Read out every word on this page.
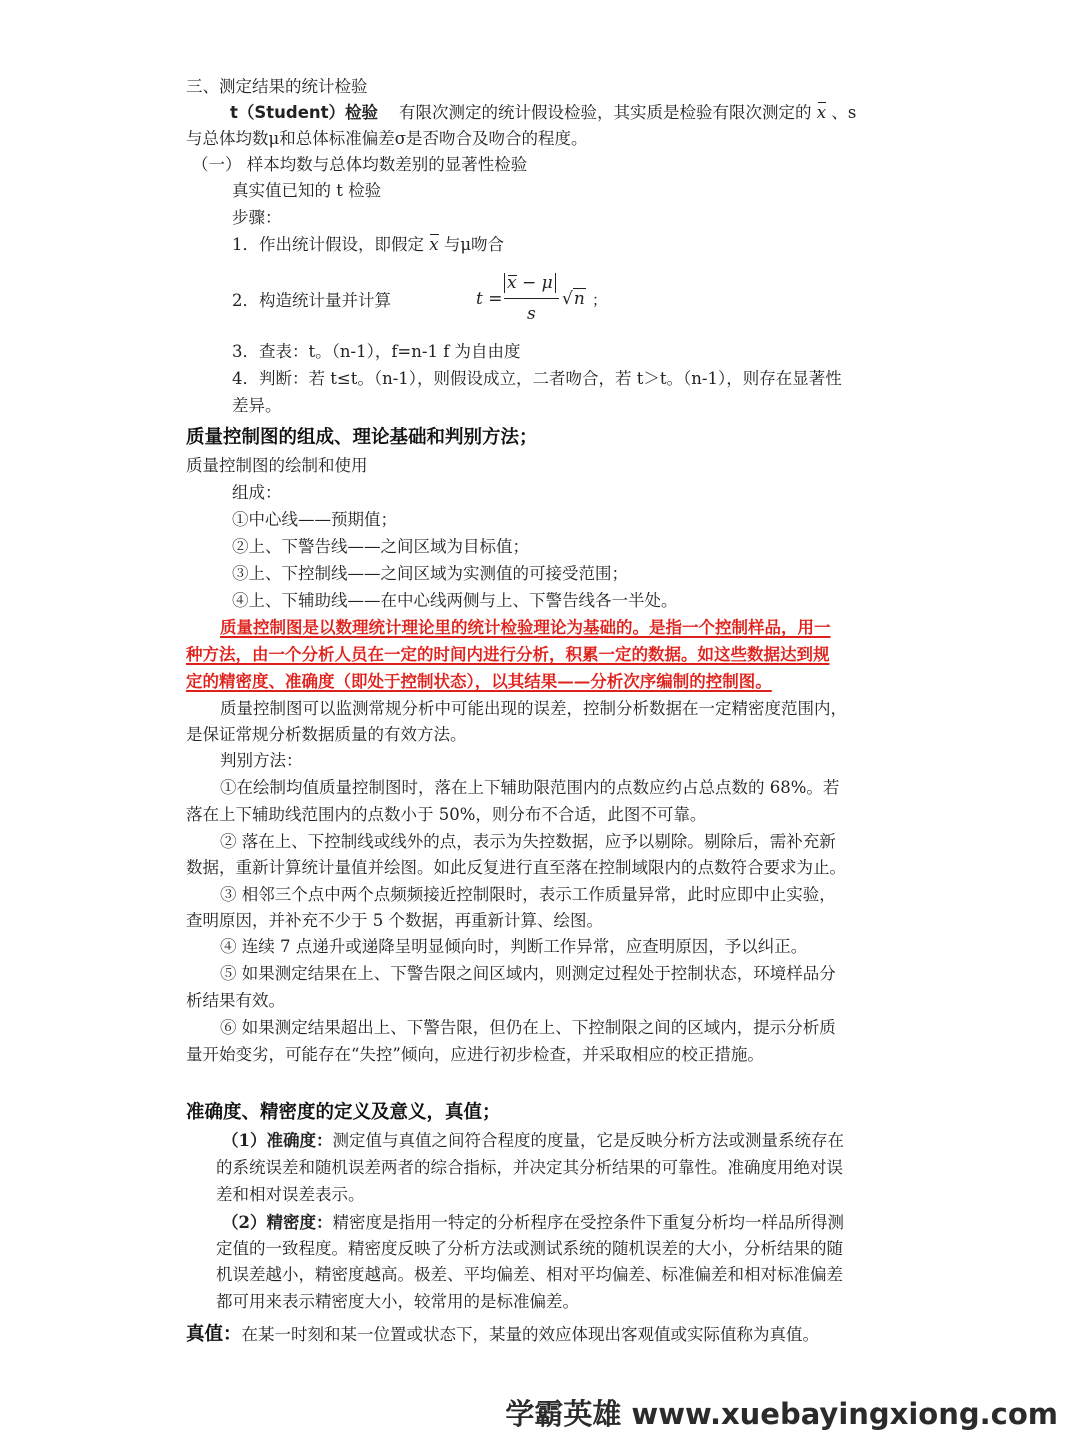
三、测定结果的统计检验
t（Student）检验 有限次测定的统计假设检验，其实质是检验有限次测定的 x 、s
与总体均数μ和总体标准偏差σ是否吻合及吻合的程度。
（一） 样本均数与总体均数差别的显著性检验
真实值已知的 t 检验
步骤：
1．作出统计假设，即假定 x 与μ吻合
2．构造统计量并计算	t =
x − μ
s
√n ；
3．查表：t。（n-1），f=n-1 f 为自由度
4．判断：若 t≤t。（n-1），则假设成立，二者吻合，若 t＞t。（n-1），则存在显著性
差异。
质量控制图的组成、理论基础和判别方法；
质量控制图的绘制和使用
组成：
①中心线——预期值；
②上、下警告线——之间区域为目标值；
③上、下控制线——之间区域为实测值的可接受范围；
④上、下辅助线——在中心线两侧与上、下警告线各一半处。
质量控制图是以数理统计理论里的统计检验理论为基础的。是指一个控制样品，用一
种方法，由一个分析人员在一定的时间内进行分析，积累一定的数据。如这些数据达到规
定的精密度、准确度（即处于控制状态），以其结果——分析次序编制的控制图。
质量控制图可以监测常规分析中可能出现的误差，控制分析数据在一定精密度范围内，
是保证常规分析数据质量的有效方法。
判别方法：
①在绘制均值质量控制图时，落在上下辅助限范围内的点数应约占总点数的 68%。若
落在上下辅助线范围内的点数小于 50%，则分布不合适，此图不可靠。
② 落在上、下控制线或线外的点，表示为失控数据，应予以剔除。剔除后，需补充新
数据，重新计算统计量值并绘图。如此反复进行直至落在控制域限内的点数符合要求为止。
③ 相邻三个点中两个点频频接近控制限时，表示工作质量异常，此时应即中止实验，
查明原因，并补充不少于 5 个数据，再重新计算、绘图。
④ 连续 7 点递升或递降呈明显倾向时，判断工作异常，应查明原因，予以纠正。
⑤ 如果测定结果在上、下警告限之间区域内，则测定过程处于控制状态，环境样品分
析结果有效。
⑥ 如果测定结果超出上、下警告限，但仍在上、下控制限之间的区域内，提示分析质
量开始变劣，可能存在“失控”倾向，应进行初步检查，并采取相应的校正措施。
准确度、精密度的定义及意义，真值；
（1）准确度：测定值与真值之间符合程度的度量，它是反映分析方法或测量系统存在
的系统误差和随机误差两者的综合指标，并决定其分析结果的可靠性。准确度用绝对误
差和相对误差表示。
（2）精密度：精密度是指用一特定的分析程序在受控条件下重复分析均一样品所得测
定值的一致程度。精密度反映了分析方法或测试系统的随机误差的大小，分析结果的随
机误差越小，精密度越高。极差、平均偏差、相对平均偏差、标准偏差和相对标准偏差
都可用来表示精密度大小，较常用的是标准偏差。
真值：在某一时刻和某一位置或状态下，某量的效应体现出客观值或实际值称为真值。
学霸英雄 www.xuebayingxiong.com
